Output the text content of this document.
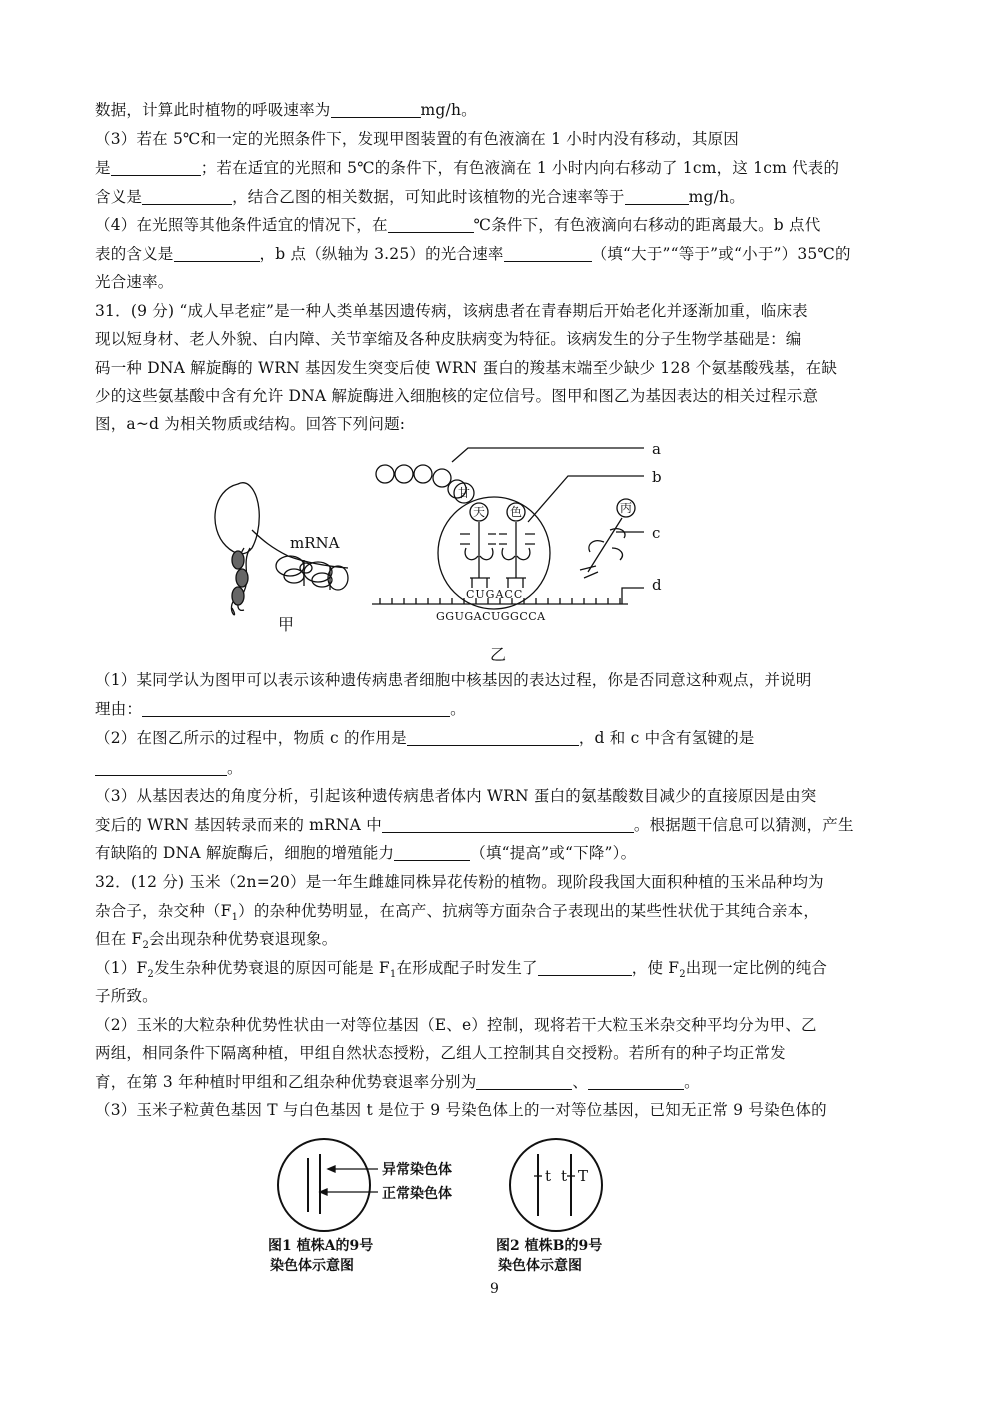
数据，计算此时植物的呼吸速率为	mg/h。
（3）若在 5℃和一定的光照条件下，发现甲图装置的有色液滴在 1 小时内没有移动，其原因
是	；若在适宜的光照和 5℃的条件下，有色液滴在 1 小时内向右移动了 1cm，这 1cm 代表的
含义是	，结合乙图的相关数据，可知此时该植物的光合速率等于	mg/h。
（4）在光照等其他条件适宜的情况下，在	℃条件下，有色液滴向右移动的距离最大。b 点代
表的含义是	，b 点（纵轴为 3.25）的光合速率	（填“大于”“等于”或“小于”）35℃的
光合速率。
31．(9 分) “成人早老症”是一种人类单基因遗传病，该病患者在青春期后开始老化并逐渐加重，临床表
现以短身材、老人外貌、白内障、关节挛缩及各种皮肤病变为特征。该病发生的分子生物学基础是：编
码一种 DNA 解旋酶的 WRN 基因发生突变后使 WRN 蛋白的羧基末端至少缺少 128 个氨基酸残基，在缺
少的这些氨基酸中含有允许 DNA 解旋酶进入细胞核的定位信号。图甲和图乙为基因表达的相关过程示意
图，a~d 为相关物质或结构。回答下列问题:
甘
天 色	丙
a
b
c
d
mRNA
甲
乙
CUGACC
GGUGACUGGCCA
（1）某同学认为图甲可以表示该种遗传病患者细胞中核基因的表达过程，你是否同意这种观点，并说明
理由：	。
（2）在图乙所示的过程中，物质 c 的作用是	，d 和 c 中含有氢键的是
。
（3）从基因表达的角度分析，引起该种遗传病患者体内 WRN 蛋白的氨基酸数目减少的直接原因是由突
变后的 WRN 基因转录而来的 mRNA 中	。根据题干信息可以猜测，产生
有缺陷的 DNA 解旋酶后，细胞的增殖能力	（填“提高”或“下降”）。
32．(12 分) 玉米（2n=20）是一年生雌雄同株异花传粉的植物。现阶段我国大面积种植的玉米品种均为
杂合子，杂交种$(F_1)$的杂种优势明显，在高产、抗病等方面杂合子表现出的某些性状优于其纯合亲本，
但在 $F_2$会出现杂种优势衰退现象。
$(1)F_2$发生杂种优势衰退的原因可能是 $F_1$在形成配子时发生了	，使 $F_2$出现一定比例的纯合
子所致。
（2）玉米的大粒杂种优势性状由一对等位基因（E、e）控制，现将若干大粒玉米杂交种平均分为甲、乙
两组，相同条件下隔离种植，甲组自然状态授粉，乙组人工控制其自交授粉。若所有的种子均正常发
育，在第 3 年种植时甲组和乙组杂种优势衰退率分别为	、	。
（3）玉米子粒黄色基因 T 与白色基因 t 是位于 9 号染色体上的一对等位基因，已知无正常 9 号染色体的
异常染色体
正常染色体
图1 植株A的9号
染色体示意图
图2 植株B的9号
染色体示意图
t t T
9
